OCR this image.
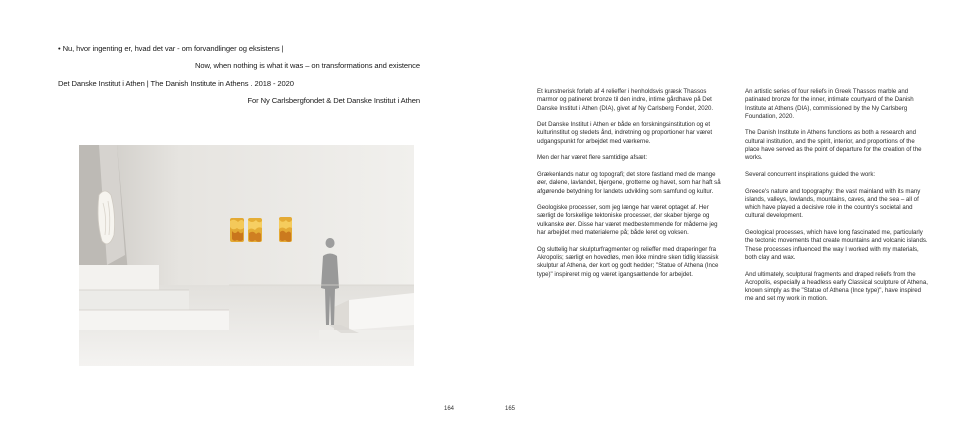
• Nu, hvor ingenting er, hvad det var - om forvandlinger og eksistens |
Now, when nothing is what it was – on transformations and existence
Det Danske Institut i Athen | The Danish Institute in Athens . 2018 - 2020
For Ny Carlsbergfondet & Det Danske Institut i Athen
164

Et kunstnerisk forløb af 4 relieffer i henholdsvis græsk Thassos marmor og patineret bronze til den indre, intime gårdhave på Det Danske Institut i Athen (DIA), givet af Ny Carlsberg Fondet, 2020.

Det Danske Institut i Athen er både en forskningsinstitution og et kulturinstitut og stedets ånd, indretning og proportioner har været udgangspunkt for arbejdet med værkerne.

Men der har været flere samtidige afsæt:

Grækenlands natur og topografi; det store fastland med de mange øer, dalene, lavlandet, bjergene, grotterne og havet, som har haft så afgørende betydning for landets udvikling som samfund og kultur.

Geologiske processer, som jeg længe har været optaget af. Her særligt de forskellige tektoniske processer, der skaber bjerge og vulkanske øer. Disse har været medbestemmende for måderne jeg har arbejdet med materialerne på; både leret og voksen.

Og sluttelig har skulpturfragmenter og relieffer med draperinger fra Akropolis; særligt en hovedløs, men ikke mindre sken tidlig klassisk skulptur af Athena, der kort og godt hedder; "Statue of Athena (Ince type)" inspireret mig og været igangsættende for arbejdet.

An artistic series of four reliefs in Greek Thassos marble and patinated bronze for the inner, intimate courtyard of the Danish Institute at Athens (DIA), commissioned by the Ny Carlsberg Foundation, 2020.

The Danish Institute in Athens functions as both a research and cultural institution, and the spirit, interior, and proportions of the place have served as the point of departure for the creation of the works.

Several concurrent inspirations guided the work:

Greece's nature and topography: the vast mainland with its many islands, valleys, lowlands, mountains, caves, and the sea – all of which have played a decisive role in the country's societal and cultural development.

Geological processes, which have long fascinated me, particularly the tectonic movements that create mountains and volcanic islands. These processes influenced the way I worked with my materials, both clay and wax.

And ultimately, sculptural fragments and draped reliefs from the Acropolis, especially a headless early Classical sculpture of Athena, known simply as the "Statue of Athena (Ince type)", have inspired me and set my work in motion.

165
